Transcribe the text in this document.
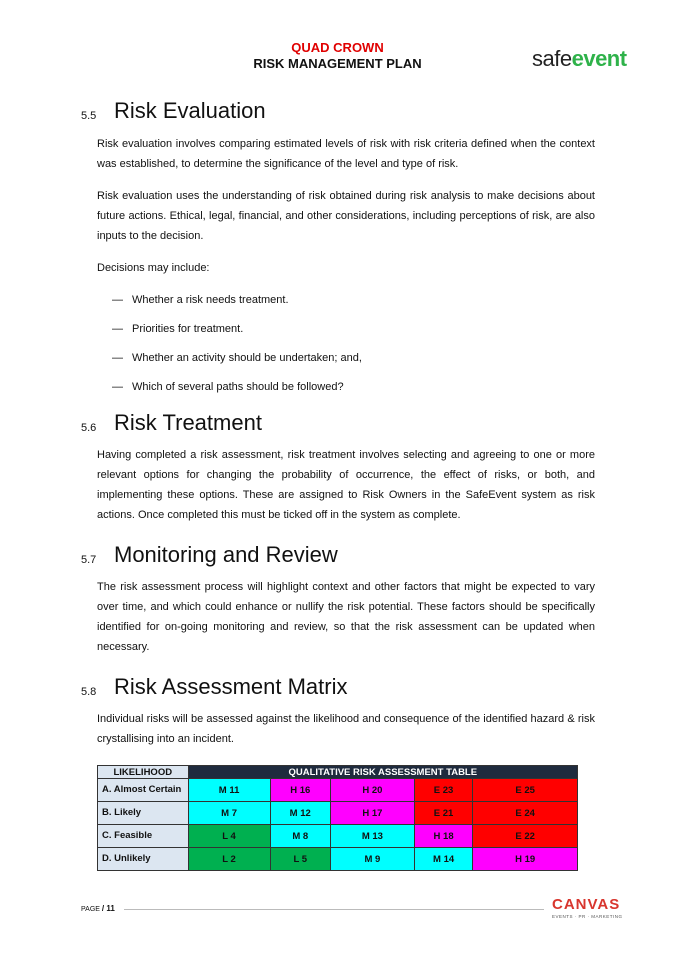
QUAD CROWN
RISK MANAGEMENT PLAN	safeevent
5.5 Risk Evaluation

Risk evaluation involves comparing estimated levels of risk with risk criteria defined when the context was established, to determine the significance of the level and type of risk.

Risk evaluation uses the understanding of risk obtained during risk analysis to make decisions about future actions. Ethical, legal, financial, and other considerations, including perceptions of risk, are also inputs to the decision.

Decisions may include:

— Whether a risk needs treatment.
— Priorities for treatment.
— Whether an activity should be undertaken; and,
— Which of several paths should be followed?
5.6 Risk Treatment

Having completed a risk assessment, risk treatment involves selecting and agreeing to one or more relevant options for changing the probability of occurrence, the effect of risks, or both, and implementing these options. These are assigned to Risk Owners in the SafeEvent system as risk actions. Once completed this must be ticked off in the system as complete.

5.7 Monitoring and Review

The risk assessment process will highlight context and other factors that might be expected to vary over time, and which could enhance or nullify the risk potential. These factors should be specifically identified for on-going monitoring and review, so that the risk assessment can be updated when necessary.

5.8 Risk Assessment Matrix

Individual risks will be assessed against the likelihood and consequence of the identified hazard & risk crystallising into an incident.

LIKELIHOOD	QUALITATIVE RISK ASSESSMENT TABLE				
A. Almost Certain	M 11	H 16	H 20	E 23	E 25
B. Likely	M 7	M 12	H 17	E 21	E 24
C. Feasible	L 4	M 8	M 13	H 18	E 22
D. Unlikely	L 2	L 5	M 9	M 14	H 19
PAGE / 11	CANVAS
EVENTS · PR · MARKETING
